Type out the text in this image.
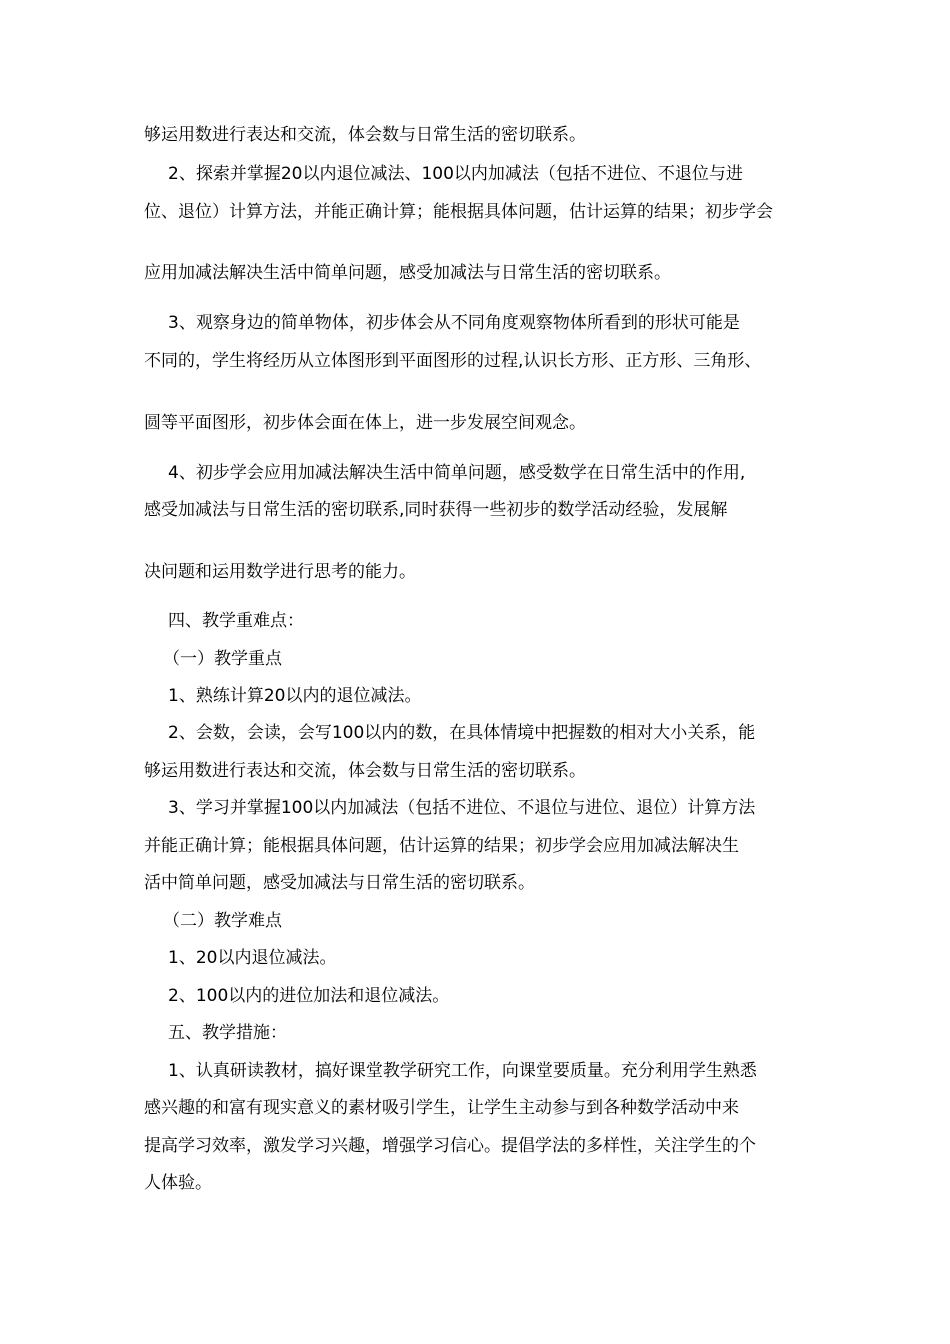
够运用数进行表达和交流，体会数与日常生活的密切联系。
2、探索并掌握20以内退位减法、100以内加减法（包括不进位、不退位与进
位、退位）计算方法，并能正确计算；能根据具体问题，估计运算的结果；初步学会
应用加减法解决生活中简单问题，感受加减法与日常生活的密切联系。
3、观察身边的简单物体，初步体会从不同角度观察物体所看到的形状可能是
不同的，学生将经历从立体图形到平面图形的过程,认识长方形、正方形、三角形、
圆等平面图形，初步体会面在体上，进一步发展空间观念。
4、初步学会应用加减法解决生活中简单问题，感受数学在日常生活中的作用,
感受加减法与日常生活的密切联系,同时获得一些初步的数学活动经验，发展解
决问题和运用数学进行思考的能力。
四、教学重难点：
（一）教学重点
1、熟练计算20以内的退位减法。
2、会数，会读，会写100以内的数，在具体情境中把握数的相对大小关系，能
够运用数进行表达和交流，体会数与日常生活的密切联系。
3、学习并掌握100以内加减法（包括不进位、不退位与进位、退位）计算方法
并能正确计算；能根据具体问题，估计运算的结果；初步学会应用加减法解决生
活中简单问题，感受加减法与日常生活的密切联系。
（二）教学难点
1、20以内退位减法。
2、100以内的进位加法和退位减法。
五、教学措施：
1、认真研读教材，搞好课堂教学研究工作，向课堂要质量。充分利用学生熟悉
感兴趣的和富有现实意义的素材吸引学生，让学生主动参与到各种数学活动中来
提高学习效率，激发学习兴趣，增强学习信心。提倡学法的多样性，关注学生的个
人体验。
